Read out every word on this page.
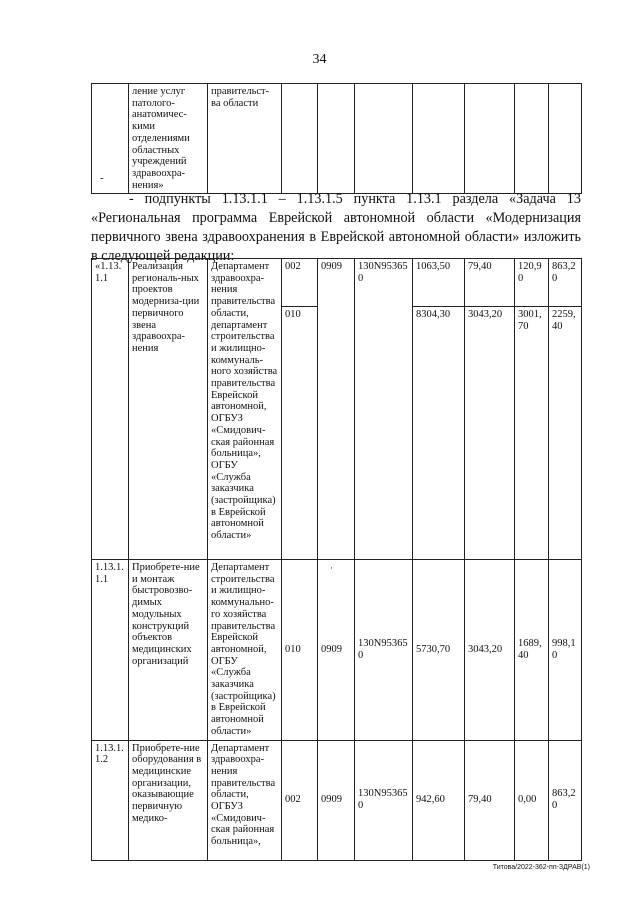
34
	ление услуг патолого-анатомичес-кими отделениями областных учреждений здравоохра-нения»	правительст-ва области							
-
- подпункты 1.13.1.1 – 1.13.1.5 пункта 1.13.1 раздела «Задача 13 «Региональная программа Еврейской автономной области «Модернизация первичного звена здравоохранения в Еврейской автономной области» изложить в следующей редакции:
«1.13.1.1	Реализация региональ-ных проектов модерниза-ции первичного звена здравоохра-нения	Департамент здравоохра-нения правительства области, департамент строительства и жилищно-коммуналь-ного хозяйства правительства Еврейской автономной, ОГБУЗ «Смидович-ская районная больница», ОГБУ «Служба заказчика (застройщика) в Еврейской автономной области»	002	0909	130N953650	1063,50	79,40	120,90	863,20
			010			8304,30	3043,20	3001,70	2259,40
1.13.1.1.1	Приобрете-ние и монтаж быстровозво-димых модульных конструкций объектов медицинских организаций	Департамент строительства и жилищно-коммунально-го хозяйства правительства Еврейской автономной, ОГБУ «Служба заказчика (застройщика) в Еврейской автономной области»	010	0909	130N953650	5730,70	3043,20	1689,40	998,10
1.13.1.1.2	Приобрете-ние оборудования в медицинские организации, оказывающие первичную медико-	Департамент здравоохра-нения правительства области, ОГБУЗ «Смидович-ская районная больница»,	002	0909	130N953650	942,60	79,40	0,00	863,20
·
Титова/2022-362-пп-ЗДРАВ(1)
